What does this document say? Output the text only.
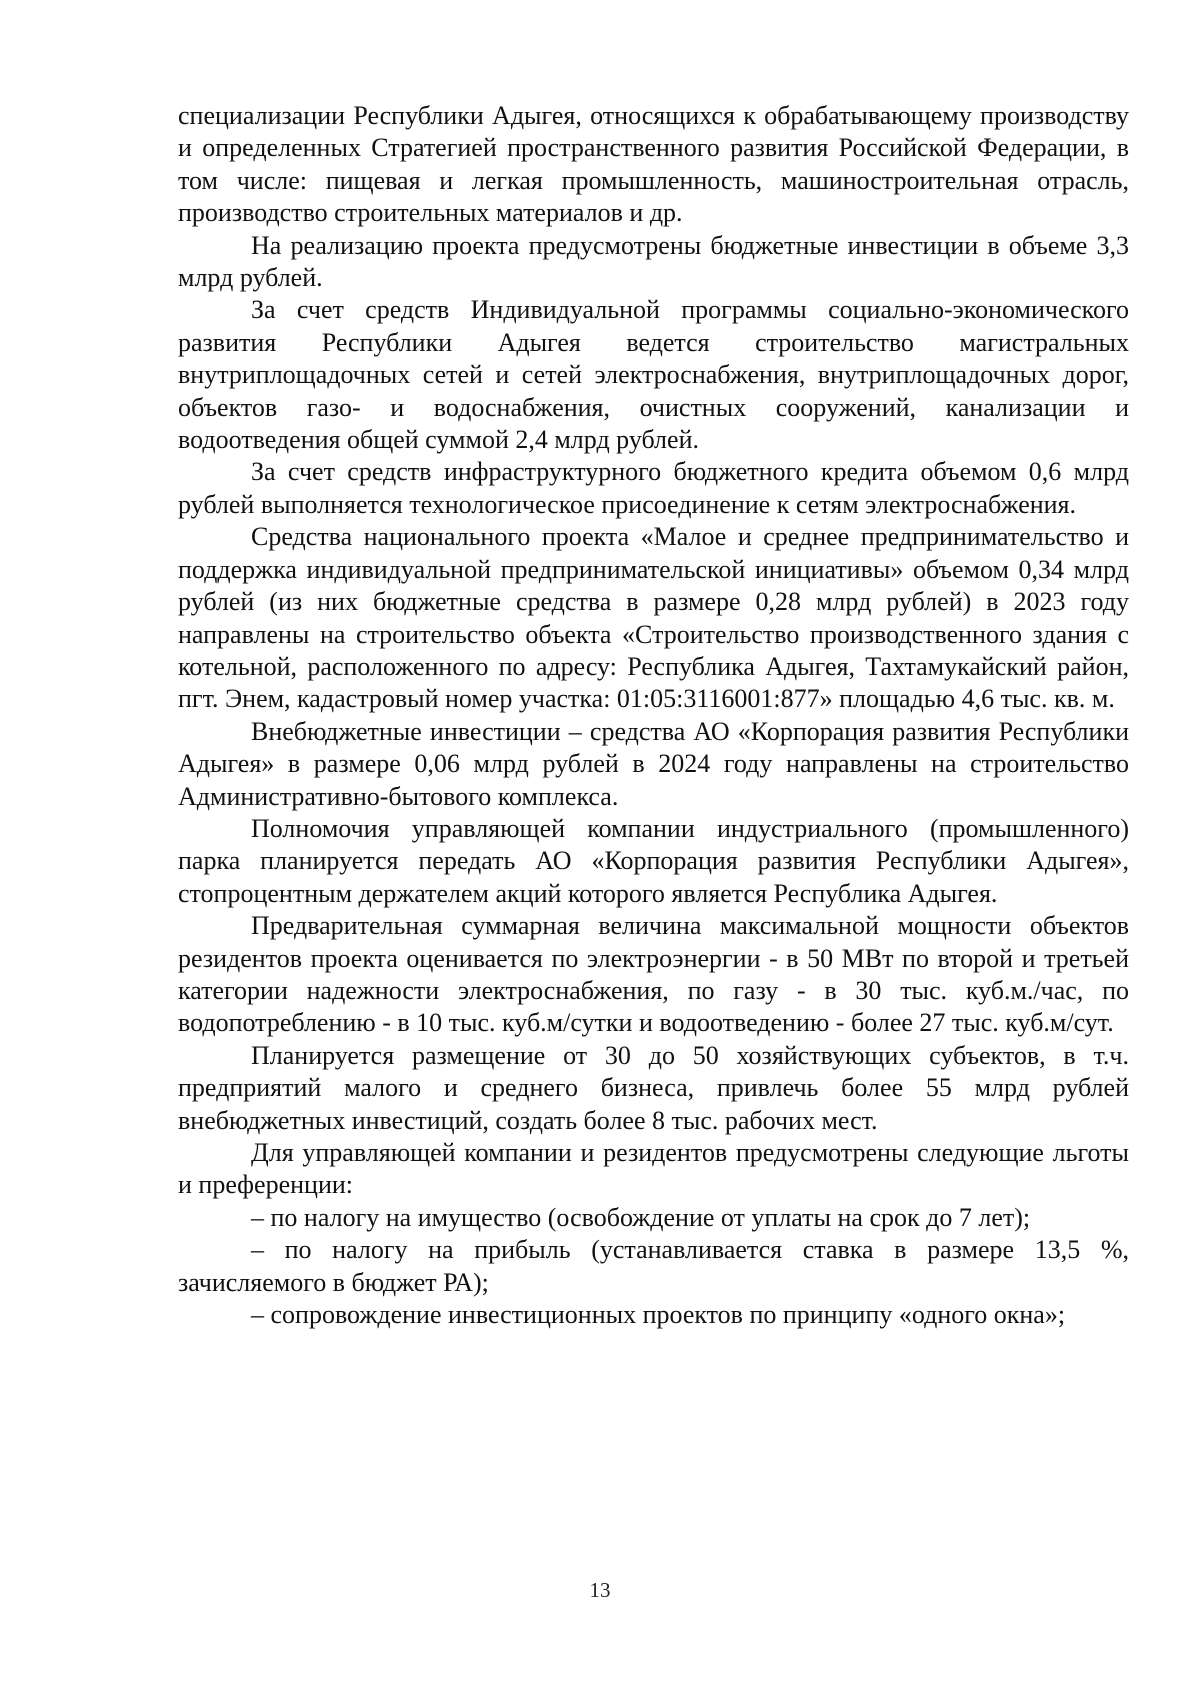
специализации Республики Адыгея, относящихся к обрабатывающему производству и определенных Стратегией пространственного развития Российской Федерации, в том числе: пищевая и легкая промышленность, машиностроительная отрасль, производство строительных материалов и др.

На реализацию проекта предусмотрены бюджетные инвестиции в объеме 3,3 млрд рублей.

За счет средств Индивидуальной программы социально-экономического развития Республики Адыгея ведется строительство магистральных внутриплощадочных сетей и сетей электроснабжения, внутриплощадочных дорог, объектов газо- и водоснабжения, очистных сооружений, канализации и водоотведения общей суммой 2,4 млрд рублей.

За счет средств инфраструктурного бюджетного кредита объемом 0,6 млрд рублей выполняется технологическое присоединение к сетям электроснабжения.

Средства национального проекта «Малое и среднее предпринимательство и поддержка индивидуальной предпринимательской инициативы» объемом 0,34 млрд рублей (из них бюджетные средства в размере 0,28 млрд рублей) в 2023 году направлены на строительство объекта «Строительство производственного здания с котельной, расположенного по адресу: Республика Адыгея, Тахтамукайский район, пгт. Энем, кадастровый номер участка: 01:05:3116001:877» площадью 4,6 тыс. кв. м.

Внебюджетные инвестиции – средства АО «Корпорация развития Республики Адыгея» в размере 0,06 млрд рублей в 2024 году направлены на строительство Административно-бытового комплекса.

Полномочия управляющей компании индустриального (промышленного) парка планируется передать АО «Корпорация развития Республики Адыгея», стопроцентным держателем акций которого является Республика Адыгея.

Предварительная суммарная величина максимальной мощности объектов резидентов проекта оценивается по электроэнергии - в 50 МВт по второй и третьей категории надежности электроснабжения, по газу - в 30 тыс. куб.м./час, по водопотреблению - в 10 тыс. куб.м/сутки и водоотведению - более 27 тыс. куб.м/сут.

Планируется размещение от 30 до 50 хозяйствующих субъектов, в т.ч. предприятий малого и среднего бизнеса, привлечь более 55 млрд рублей внебюджетных инвестиций, создать более 8 тыс. рабочих мест.

Для управляющей компании и резидентов предусмотрены следующие льготы и преференции:

– по налогу на имущество (освобождение от уплаты на срок до 7 лет);

– по налогу на прибыль (устанавливается ставка в размере 13,5 %, зачисляемого в бюджет РА);

– сопровождение инвестиционных проектов по принципу «одного окна»;

13
